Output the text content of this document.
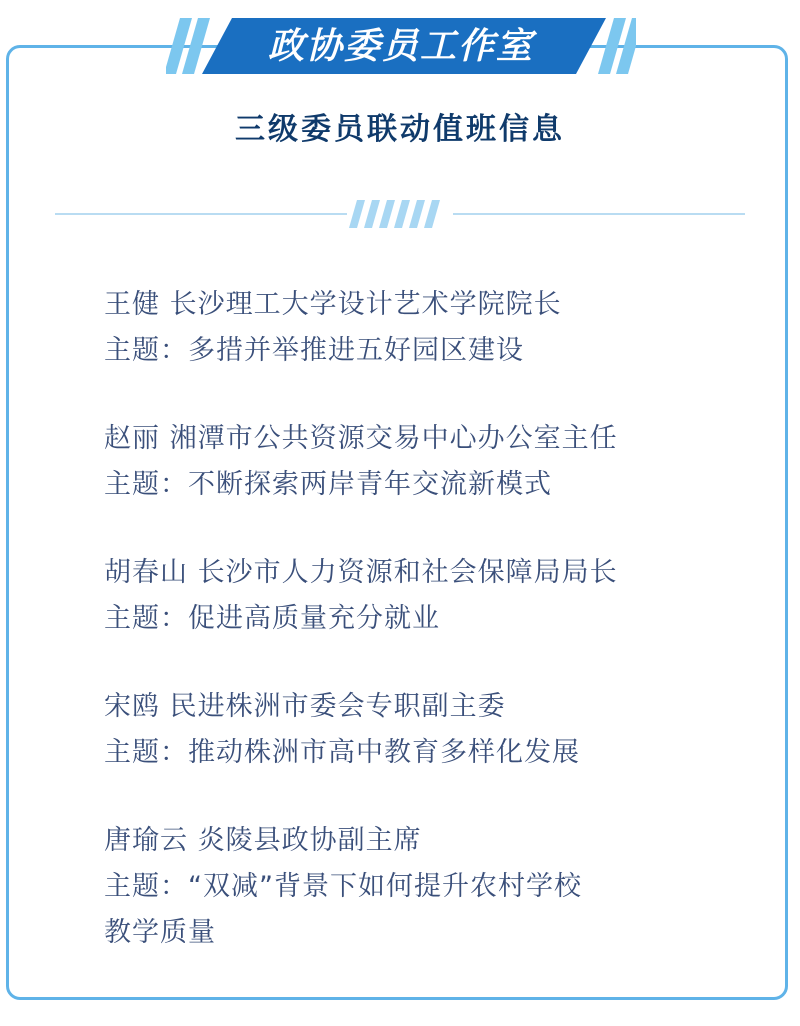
政协委员工作室
三级委员联动值班信息
王健 长沙理工大学设计艺术学院院长
主题：多措并举推进五好园区建设
赵丽 湘潭市公共资源交易中心办公室主任
主题：不断探索两岸青年交流新模式
胡春山 长沙市人力资源和社会保障局局长
主题：促进高质量充分就业
宋鸥 民进株洲市委会专职副主委
主题：推动株洲市高中教育多样化发展
唐瑜云 炎陵县政协副主席
主题：“双减”背景下如何提升农村学校
教学质量
